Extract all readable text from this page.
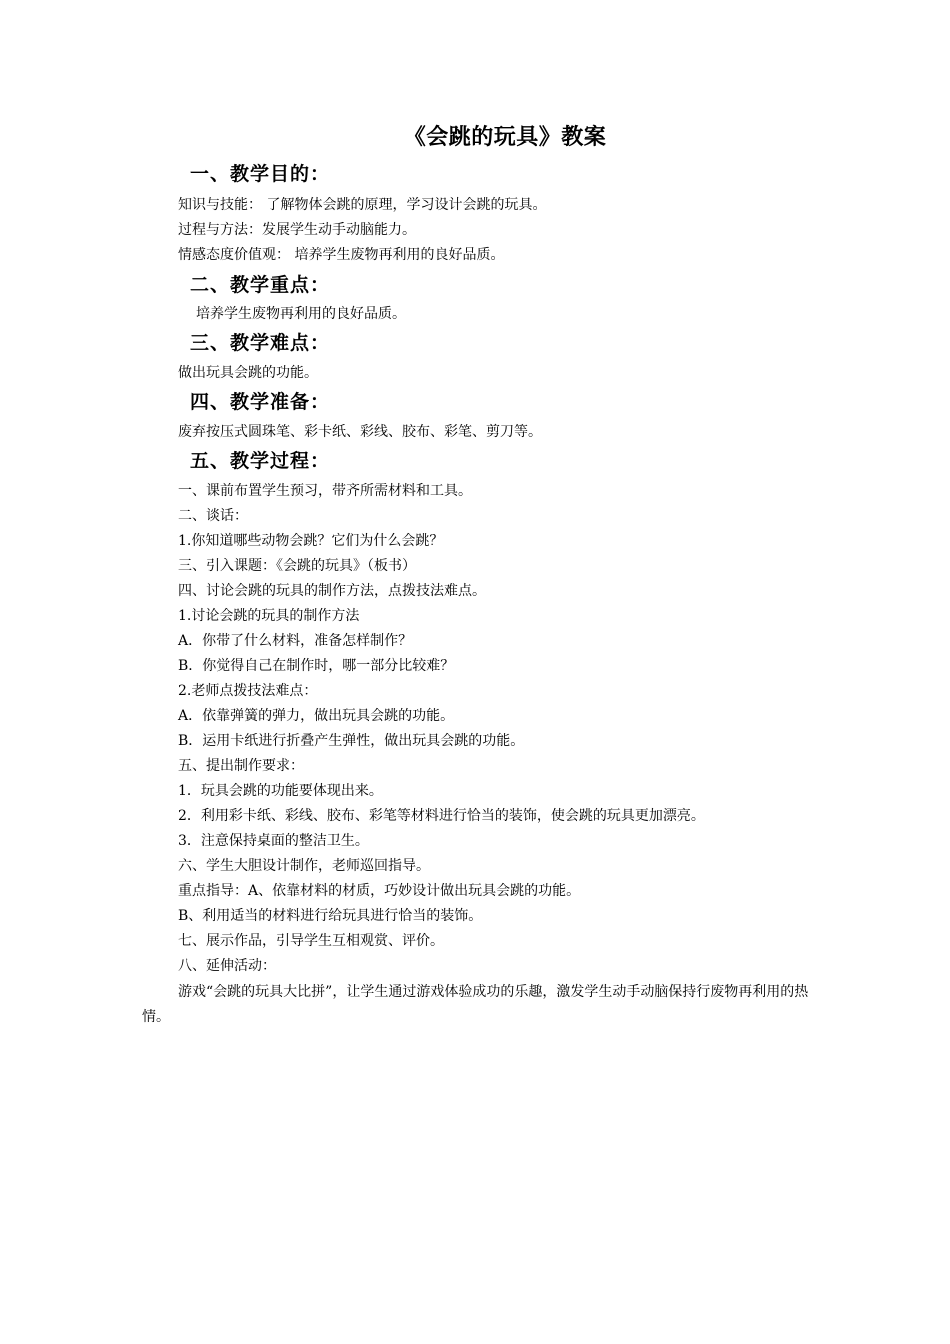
《会跳的玩具》教案
一、教学目的：
知识与技能： 了解物体会跳的原理，学习设计会跳的玩具。
过程与方法：发展学生动手动脑能力。
情感态度价值观： 培养学生废物再利用的良好品质。
二、教学重点：
培养学生废物再利用的良好品质。
三、教学难点：
做出玩具会跳的功能。
四、教学准备：
废弃按压式圆珠笔、彩卡纸、彩线、胶布、彩笔、剪刀等。
五、教学过程：
一、课前布置学生预习，带齐所需材料和工具。
二、谈话：
1.你知道哪些动物会跳？它们为什么会跳？
三、引入课题：《会跳的玩具》（板书）
四、讨论会跳的玩具的制作方法，点拨技法难点。
1.讨论会跳的玩具的制作方法
A．你带了什么材料，准备怎样制作？
B．你觉得自己在制作时，哪一部分比较难？
2.老师点拨技法难点：
A．依靠弹簧的弹力，做出玩具会跳的功能。
B．运用卡纸进行折叠产生弹性，做出玩具会跳的功能。
五、提出制作要求：
1．玩具会跳的功能要体现出来。
2．利用彩卡纸、彩线、胶布、彩笔等材料进行恰当的装饰，使会跳的玩具更加漂亮。
3．注意保持桌面的整洁卫生。
六、学生大胆设计制作，老师巡回指导。
重点指导：A、依靠材料的材质，巧妙设计做出玩具会跳的功能。
B、利用适当的材料进行给玩具进行恰当的装饰。
七、展示作品，引导学生互相观赏、评价。
八、延伸活动：
游戏“会跳的玩具大比拼”，让学生通过游戏体验成功的乐趣，激发学生动手动脑保持行废物再利用的热情。
